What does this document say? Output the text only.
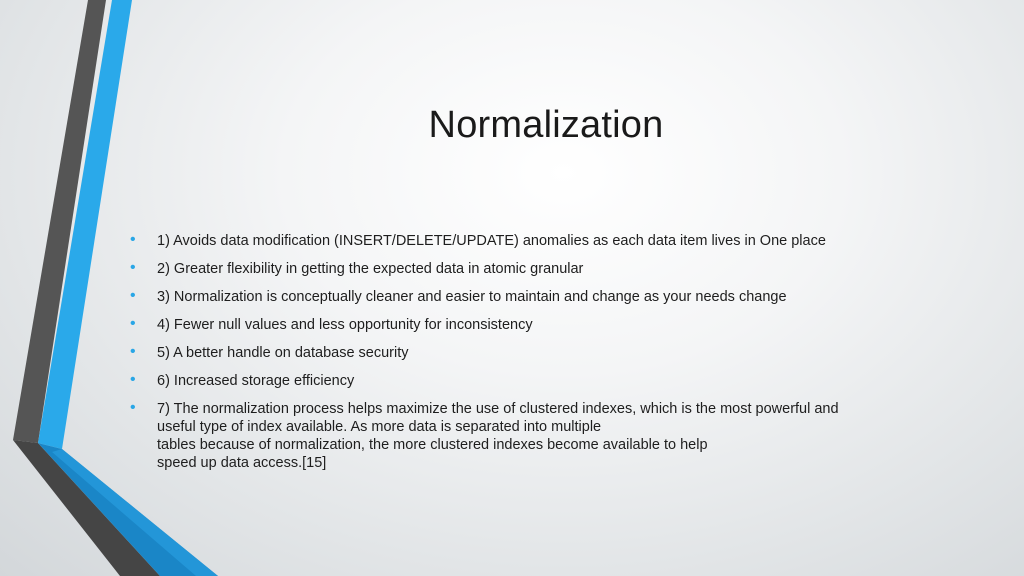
Normalization
• 1) Avoids data modification (INSERT/DELETE/UPDATE) anomalies as each data item lives in One place
• 2) Greater flexibility in getting the expected data in atomic granular
• 3) Normalization is conceptually cleaner and easier to maintain and change as your needs change
• 4) Fewer null values and less opportunity for inconsistency
• 5) A better handle on database security
• 6) Increased storage efficiency
• 7) The normalization process helps maximize the use of clustered indexes, which is the most powerful and
useful type of index available. As more data is separated into multiple
tables because of normalization, the more clustered indexes become available to help
speed up data access.[15]
